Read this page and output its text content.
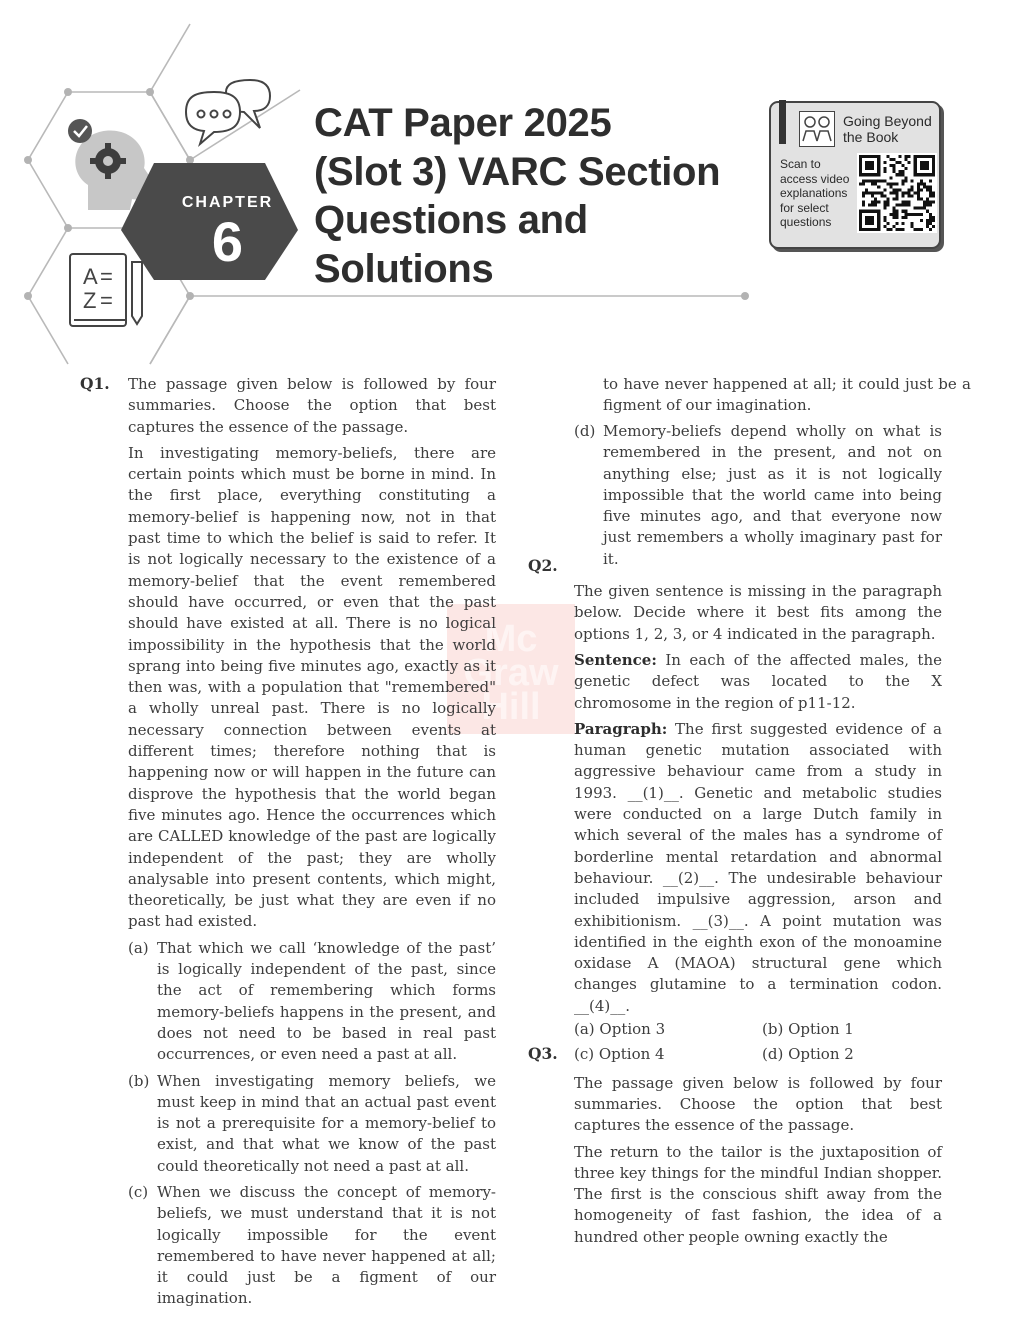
A
Z
=
=
CHAPTER
6
CAT Paper 2025
(Slot 3) VARC Section
Questions and
Solutions
Going Beyond the Book
Scan to access video explanations for select questions
Mc Graw Hill
Q1. The passage given below is followed by four summaries. Choose the option that best captures the essence of the passage.

In investigating memory-beliefs, there are certain points which must be borne in mind. In the first place, everything constituting a memory-belief is happening now, not in that past time to which the belief is said to refer. It is not logically necessary to the existence of a memory-belief that the event remembered should have occurred, or even that the past should have existed at all. There is no logical impossibility in the hypothesis that the world sprang into being five minutes ago, exactly as it then was, with a population that "remembered" a wholly unreal past. There is no logically necessary connection between events at different times; therefore nothing that is happening now or will happen in the future can disprove the hypothesis that the world began five minutes ago. Hence the occurrences which are CALLED knowledge of the past are logically independent of the past; they are wholly analysable into present contents, which might, theoretically, be just what they are even if no past had existed.

(a) That which we call ‘knowledge of the past’ is logically independent of the past, since the act of remembering which forms memory-beliefs happens in the present, and does not need to be based in real past occurrences, or even need a past at all.
(b) When investigating memory beliefs, we must keep in mind that an actual past event is not a prerequisite for a memory-belief to exist, and that what we know of the past could theoretically not need a past at all.
(c) When we discuss the concept of memory-beliefs, we must understand that it is not logically impossible for the event remembered to have never happened at all; it could just be a figment of our imagination.
to have never happened at all; it could just be a figment of our imagination.
(d) Memory-beliefs depend wholly on what is remembered in the present, and not on anything else; just as it is not logically impossible that the world came into being five minutes ago, and that everyone now just remembers a wholly imaginary past for it.

The given sentence is missing in the paragraph below. Decide where it best fits among the options 1, 2, 3, or 4 indicated in the paragraph.

Sentence: In each of the affected males, the genetic defect was located to the X chromosome in the region of p11-12.

Paragraph: The first suggested evidence of a human genetic mutation associated with aggressive behaviour came from a study in 1993. __(1)__. Genetic and metabolic studies were conducted on a large Dutch family in which several of the males has a syndrome of borderline mental retardation and abnormal behaviour. __(2)__. The undesirable behaviour included impulsive aggression, arson and exhibitionism. __(3)__. A point mutation was identified in the eighth exon of the monoamine oxidase A (MAOA) structural gene which changes glutamine to a termination codon. __(4)__.

(a) Option 3	(b) Option 1
(c) Option 4	(d) Option 2

The passage given below is followed by four summaries. Choose the option that best captures the essence of the passage.

The return to the tailor is the juxtaposition of three key things for the mindful Indian shopper. The first is the conscious shift away from the homogeneity of fast fashion, the idea of a hundred other people owning exactly the

Q2.
Q3.
